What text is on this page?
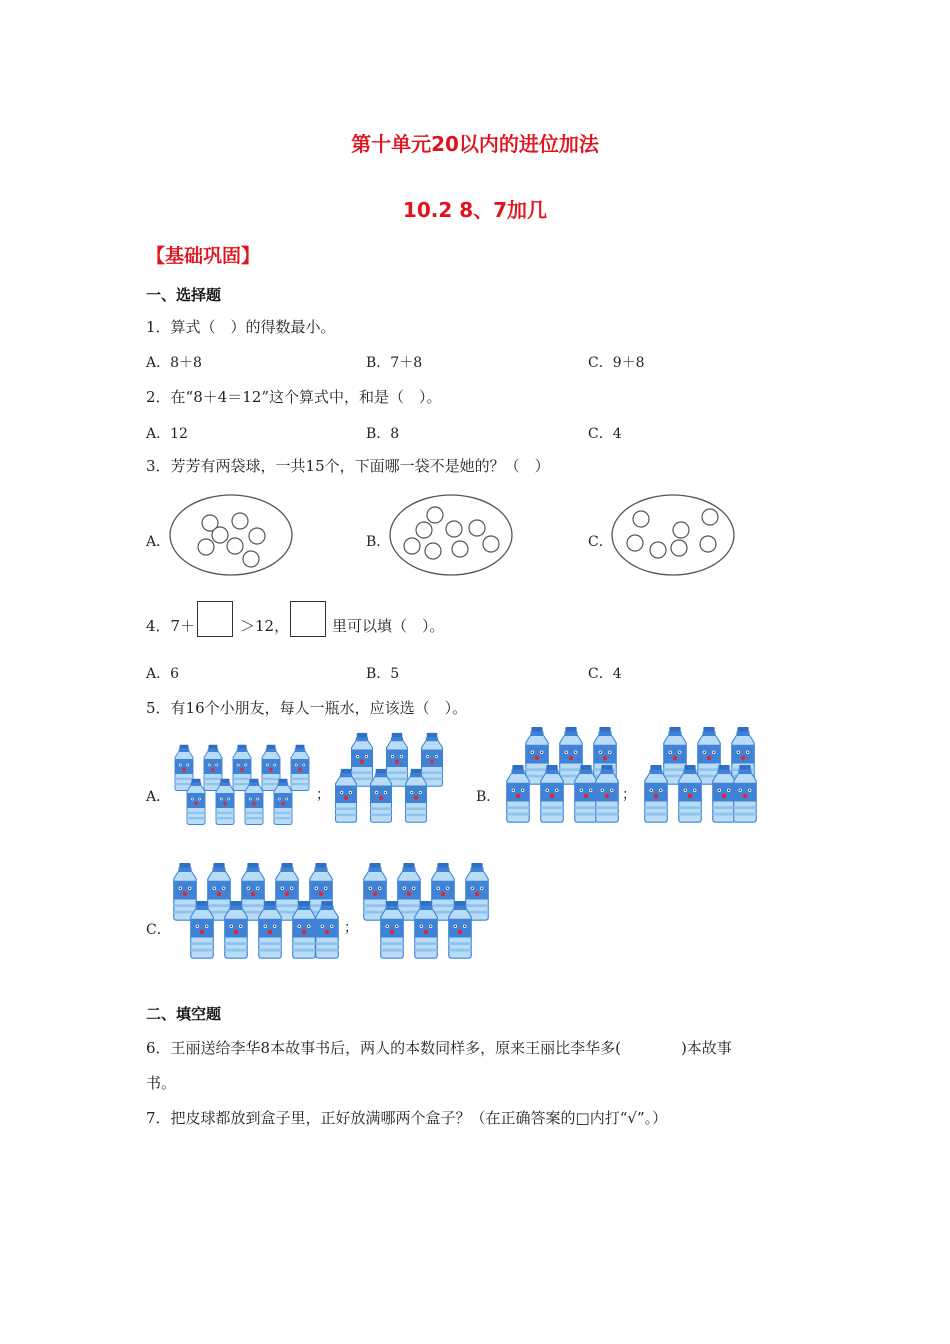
第十单元20以内的进位加法
10.2 8、7加几
【基础巩固】
一、选择题
1．算式（　）的得数最小。
A．8＋8	B．7＋8	C．9＋8
2．在“8＋4＝12”这个算式中，和是（　）。
A．12	B．8	C．4
3．芳芳有两袋球，一共15个，下面哪一袋不是她的？（　）
A．	B．	C．
4．7＋	＞12，	里可以填（　）。
A．6	B．5	C．4
5．有16个小朋友，每人一瓶水，应该选（　）。
A．	；	B．	；
C．	；
二、填空题
6．王丽送给李华8本故事书后，两人的本数同样多，原来王丽比李华多(　　　　)本故事
书。
7．把皮球都放到盒子里，正好放满哪两个盒子？（在正确答案的□内打“√”。）
